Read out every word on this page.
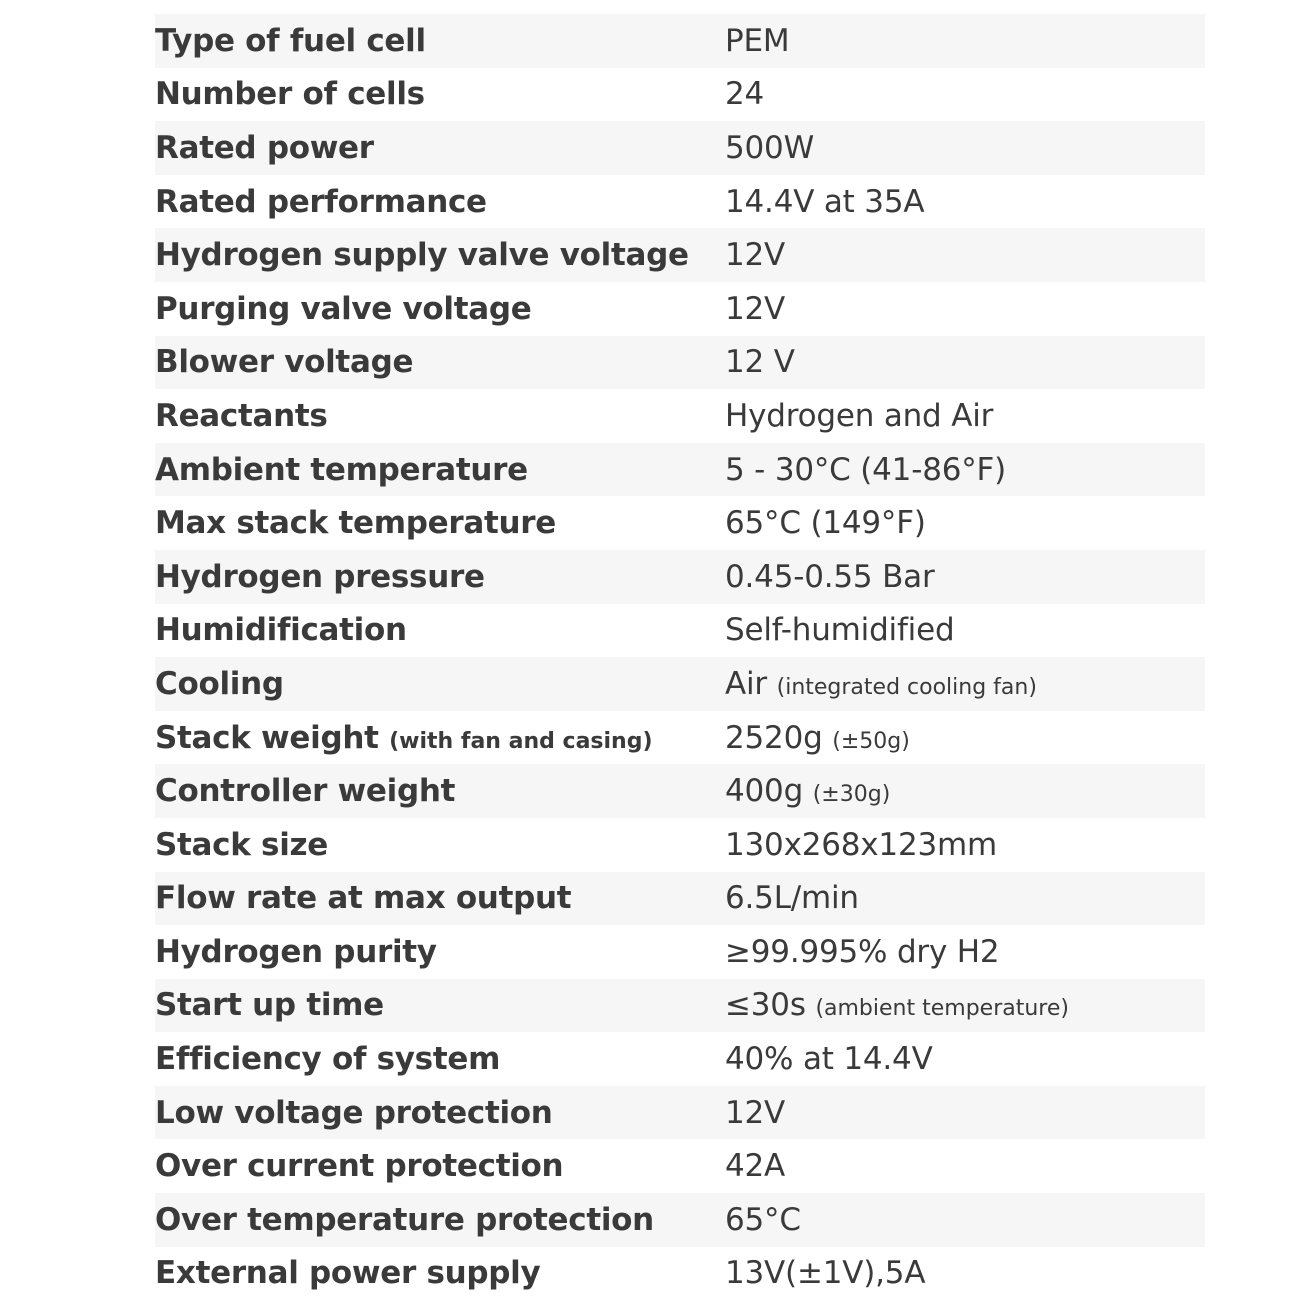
Type of fuel cell	PEM
Number of cells	24
Rated power	500W
Rated performance	14.4V at 35A
Hydrogen supply valve voltage	12V
Purging valve voltage	12V
Blower voltage	12 V
Reactants	Hydrogen and Air
Ambient temperature	5 - 30°C (41-86°F)
Max stack temperature	65°C (149°F)
Hydrogen pressure	0.45-0.55 Bar
Humidification	Self-humidified
Cooling	Air (integrated cooling fan)
Stack weight (with fan and casing)	2520g (±50g)
Controller weight	400g (±30g)
Stack size	130x268x123mm
Flow rate at max output	6.5L/min
Hydrogen purity	≥99.995% dry H2
Start up time	≤30s (ambient temperature)
Efficiency of system	40% at 14.4V
Low voltage protection	12V
Over current protection	42A
Over temperature protection	65°C
External power supply	13V(±1V),5A
